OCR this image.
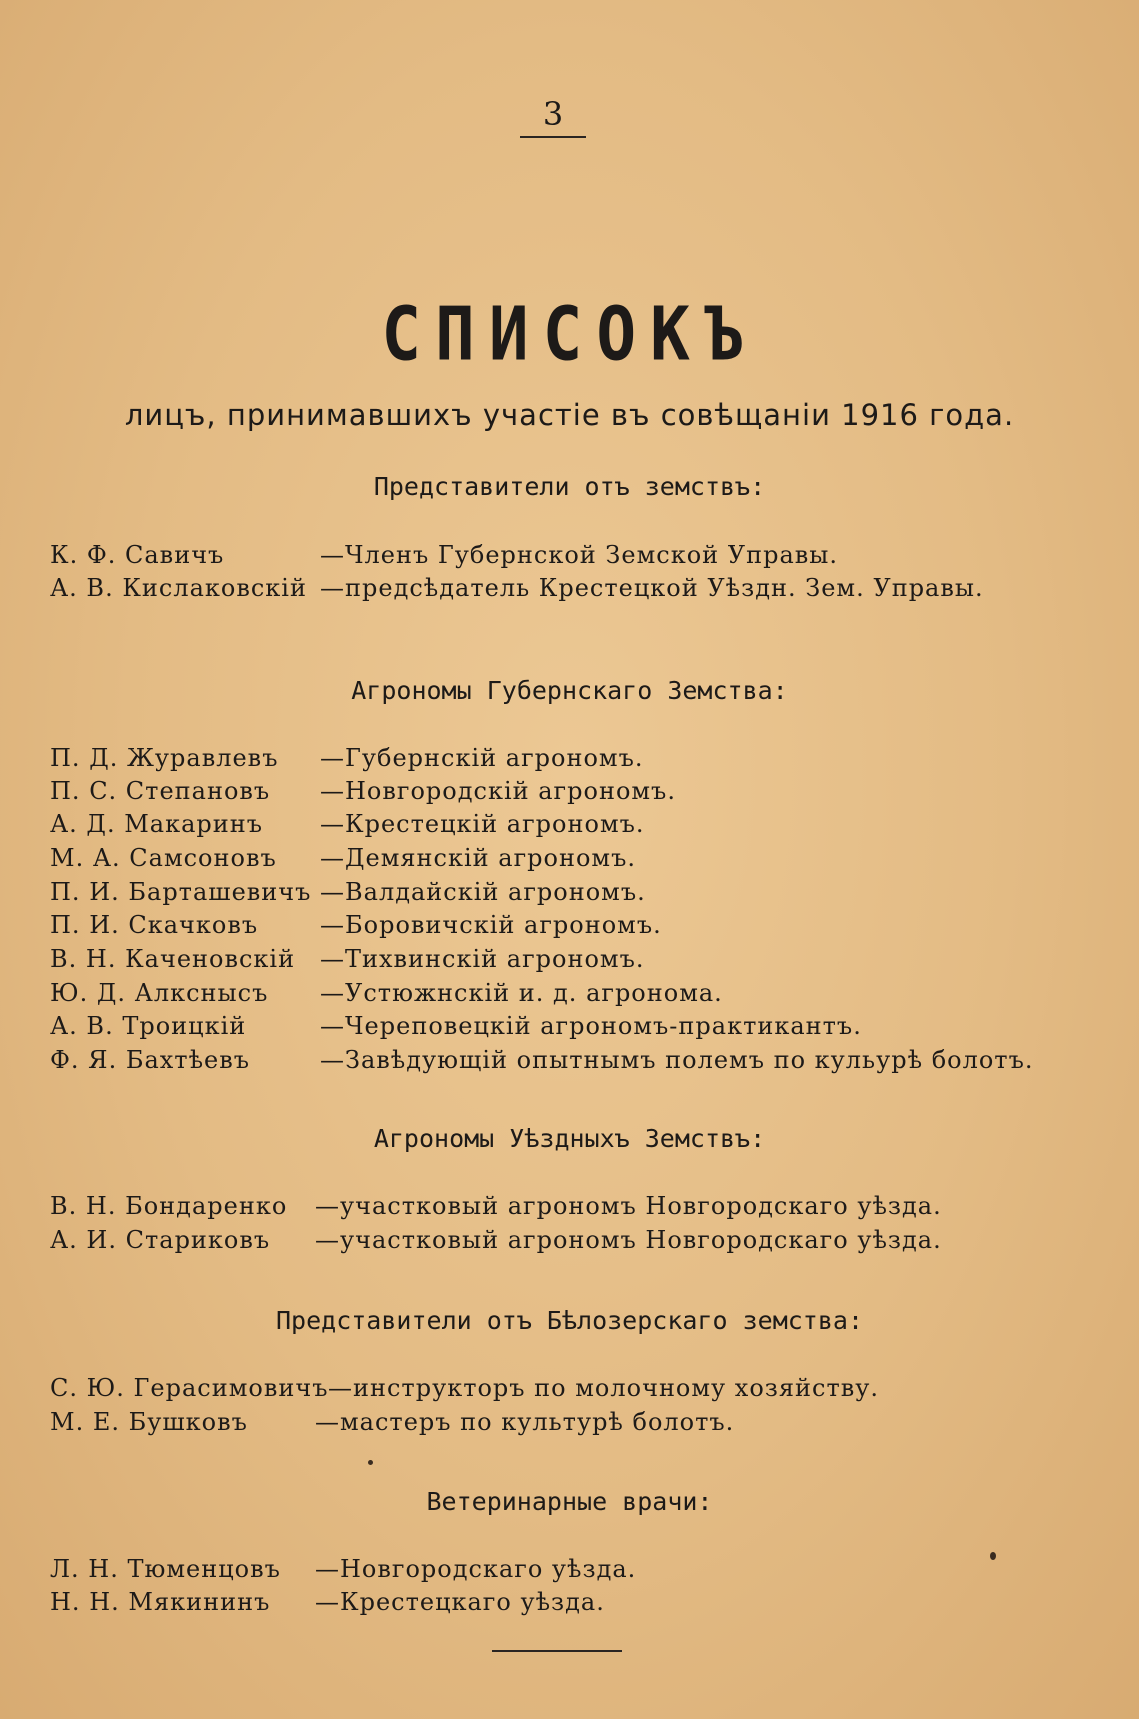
3
СПИСОКЪ
лицъ, принимавшихъ участіе въ совѣщаніи 1916 года.
Представители отъ земствъ:
К. Ф. Савичъ	—Членъ Губернской Земской Управы.
А. В. Кислаковскій —предсѣдатель Крестецкой Уѣздн. Зем. Управы.
Агрономы Губернскаго Земства:
П. Д. Журавлевъ —Губернскій агрономъ.
П. С. Степановъ —Новгородскій агрономъ.
А. Д. Макаринъ —Крестецкій агрономъ.
М. А. Самсоновъ —Демянскій агрономъ.
П. И. Барташевичъ —Валдайскій агрономъ.
П. И. Скачковъ	—Боровичскій агрономъ.
В. Н. Каченовскій —Тихвинскій агрономъ.
Ю. Д. Алкснысъ —Устюжнскій и. д. агронома.
А. В. Троицкій	—Череповецкій агрономъ-практикантъ.
Ф. Я. Бахтѣевъ	—Завѣдующій опытнымъ полемъ по кульурѣ болотъ.
Агрономы Уѣздныхъ Земствъ:
В. Н. Бондаренко —участковый агрономъ Новгородскаго уѣзда.
А. И. Стариковъ —участковый агрономъ Новгородскаго уѣзда.
Представители отъ Бѣлозерскаго земства:
С. Ю. Герасимовичъ —инструкторъ по молочному хозяйству.
М. Е. Бушковъ	—мастеръ по культурѣ болотъ.
Ветеринарные врачи:
Л. Н. Тюменцовъ —Новгородскаго уѣзда.
Н. Н. Мякининъ —Крестецкаго уѣзда.
